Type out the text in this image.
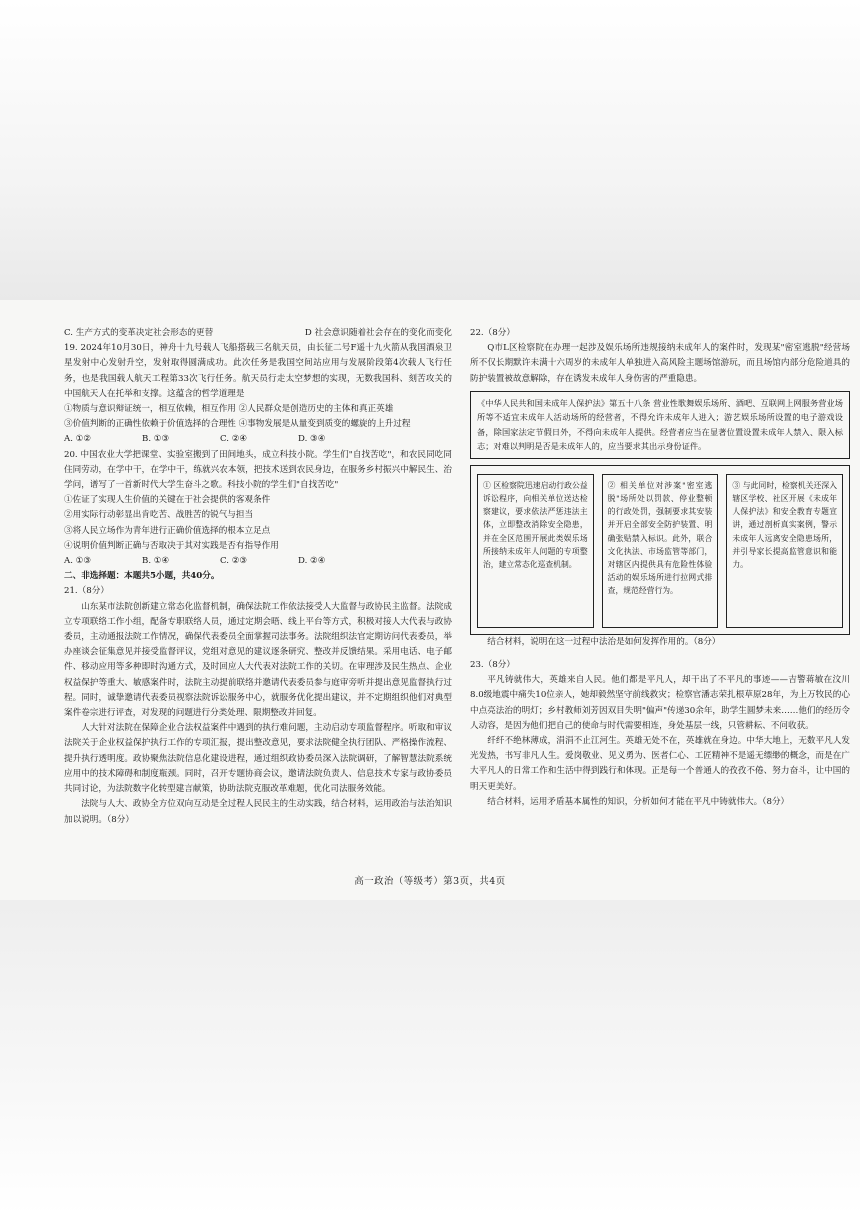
C. 生产方式的变革决定社会形态的更替	D 社会意识随着社会存在的变化而变化
19. 2024年10月30日，神舟十九号载人飞船搭载三名航天员，由长征二号F遥十九火箭从我国酒泉卫星发射中心发射升空，发射取得圆满成功。此次任务是我国空间站应用与发展阶段第4次载人飞行任务，也是我国载人航天工程第33次飞行任务。航天员行走太空梦想的实现，无数我国科、刻苦攻关的中国航天人在托举和支撑。这蕴含的哲学道理是
①物质与意识辩证统一，相互依赖，相互作用 ②人民群众是创造历史的主体和真正英雄
③价值判断的正确性依赖于价值选择的合理性 ④事物发展是从量变到质变的螺旋的上升过程
A. ①②	B. ①③	C. ②④	D. ③④
20. 中国农业大学把课堂、实验室搬到了田间地头，成立科技小院。学生们"自找苦吃"，和农民同吃同住同劳动，在学中干，在学中干，练就兴农本领，把技术送到农民身边，在服务乡村振兴中解民生、治学问，谱写了一首新时代大学生奋斗之歌。科技小院的学生们"自找苦吃"
①佐证了实现人生价值的关键在于社会提供的客观条件
②用实际行动彰显出肯吃苦、战胜苦的锐气与担当
③将人民立场作为青年进行正确价值选择的根本立足点
④说明价值判断正确与否取决于其对实践是否有指导作用
A. ①③	B. ①④	C. ②③	D. ②④
二、非选择题：本题共5小题，共40分。
21.（8分）
山东某市法院创新建立常态化监督机制，确保法院工作依法接受人大监督与政协民主监督。法院成立专项联络工作小组，配备专职联络人员，通过定期会晤、线上平台等方式，积极对接人大代表与政协委员，主动通报法院工作情况，确保代表委员全面掌握司法事务。法院组织法官定期访问代表委员，举办座谈会征集意见并接受监督评议，党组对意见的建议逐条研究、整改并反馈结果。采用电话、电子邮件、移动应用等多种即时沟通方式，及时回应人大代表对法院工作的关切。在审理涉及民生热点、企业权益保护等重大、敏感案件时，法院主动提前联络并邀请代表委员参与庭审旁听并提出意见监督执行过程。同时，诚挚邀请代表委员视察法院诉讼服务中心，就服务优化提出建议，并不定期组织他们对典型案件卷宗进行评查，对发现的问题进行分类处理、限期整改并回复。
人大针对法院在保障企业合法权益案件中遇到的执行难问题，主动启动专项监督程序。听取和审议法院关于企业权益保护执行工作的专项汇报，提出整改意见，要求法院健全执行团队、严格操作流程、提升执行透明度。政协聚焦法院信息化建设进程，通过组织政协委员深入法院调研，了解智慧法院系统应用中的技术障碍和制度瓶颈。同时，召开专题协商会议，邀请法院负责人、信息技术专家与政协委员共同讨论，为法院数字化转型建言献策，协助法院克服改革难题，优化司法服务效能。
法院与人大、政协全方位双向互动是全过程人民民主的生动实践，结合材料，运用政治与法治知识加以说明。（8分）
22.（8分）
Q市L区检察院在办理一起涉及娱乐场所违规接纳未成年人的案件时，发现某"密室逃脱"经营场所不仅长期默许未满十六周岁的未成年人单独进入高风险主题场馆游玩，而且场馆内部分危险道具的防护装置被故意解除，存在诱发未成年人身伤害的严重隐患。
《中华人民共和国未成年人保护法》第五十八条 营业性歌舞娱乐场所、酒吧、互联网上网服务营业场所等不适宜未成年人活动场所的经营者，不得允许未成年人进入；游艺娱乐场所设置的电子游戏设备，除国家法定节假日外，不得向未成年人提供。经营者应当在显著位置设置未成年人禁入、限入标志；对难以判明是否是未成年人的，应当要求其出示身份证件。
① 区检察院迅速启动行政公益诉讼程序，向相关单位送达检察建议，要求依法严惩违法主体，立即整改消除安全隐患，并在全区范围开展此类娱乐场所接纳未成年人问题的专项整治，建立常态化巡查机制。
② 相关单位对涉案"密室逃脱"场所处以罚款、停业整顿的行政处罚，强制要求其安装并开启全部安全防护装置、明确张贴禁入标识。此外，联合文化执法、市场监管等部门，对辖区内提供具有危险性体验活动的娱乐场所进行拉网式排查，规范经营行为。
③ 与此同时，检察机关还深入辖区学校、社区开展《未成年人保护法》和安全教育专题宣讲，通过剖析真实案例，警示未成年人远离安全隐患场所，并引导家长提高监管意识和能力。
结合材料，说明在这一过程中法治是如何发挥作用的。（8分）
23.（8分）
平凡铸就伟大，英雄来自人民。他们都是平凡人，却干出了不平凡的事迹——吉警蒋敏在汶川8.0级地震中痛失10位亲人，她却毅然坚守前线救灾；检察官潘志荣扎根草原28年，为上万牧民的心中点亮法治的明灯；乡村教师刘芳因双目失明"偏声"传递30余年，助学生圆梦未来……他们的经历令人动容，是因为他们把自己的使命与时代需要相连，身处基层一线，只管耕耘、不问收获。
纤纤不绝林薄成，涓涓不止江河生。英雄无处不在，英雄就在身边。中华大地上，无数平凡人发光发热，书写非凡人生。爱岗敬业、见义勇为、医者仁心、工匠精神不是遥无缥缈的概念，而是在广大平凡人的日常工作和生活中得到践行和体现。正是每一个普通人的孜孜不倦、努力奋斗，让中国的明天更美好。
结合材料，运用矛盾基本属性的知识，分析如何才能在平凡中铸就伟大。（8分）
高一政治（等级考）第3页，共4页
